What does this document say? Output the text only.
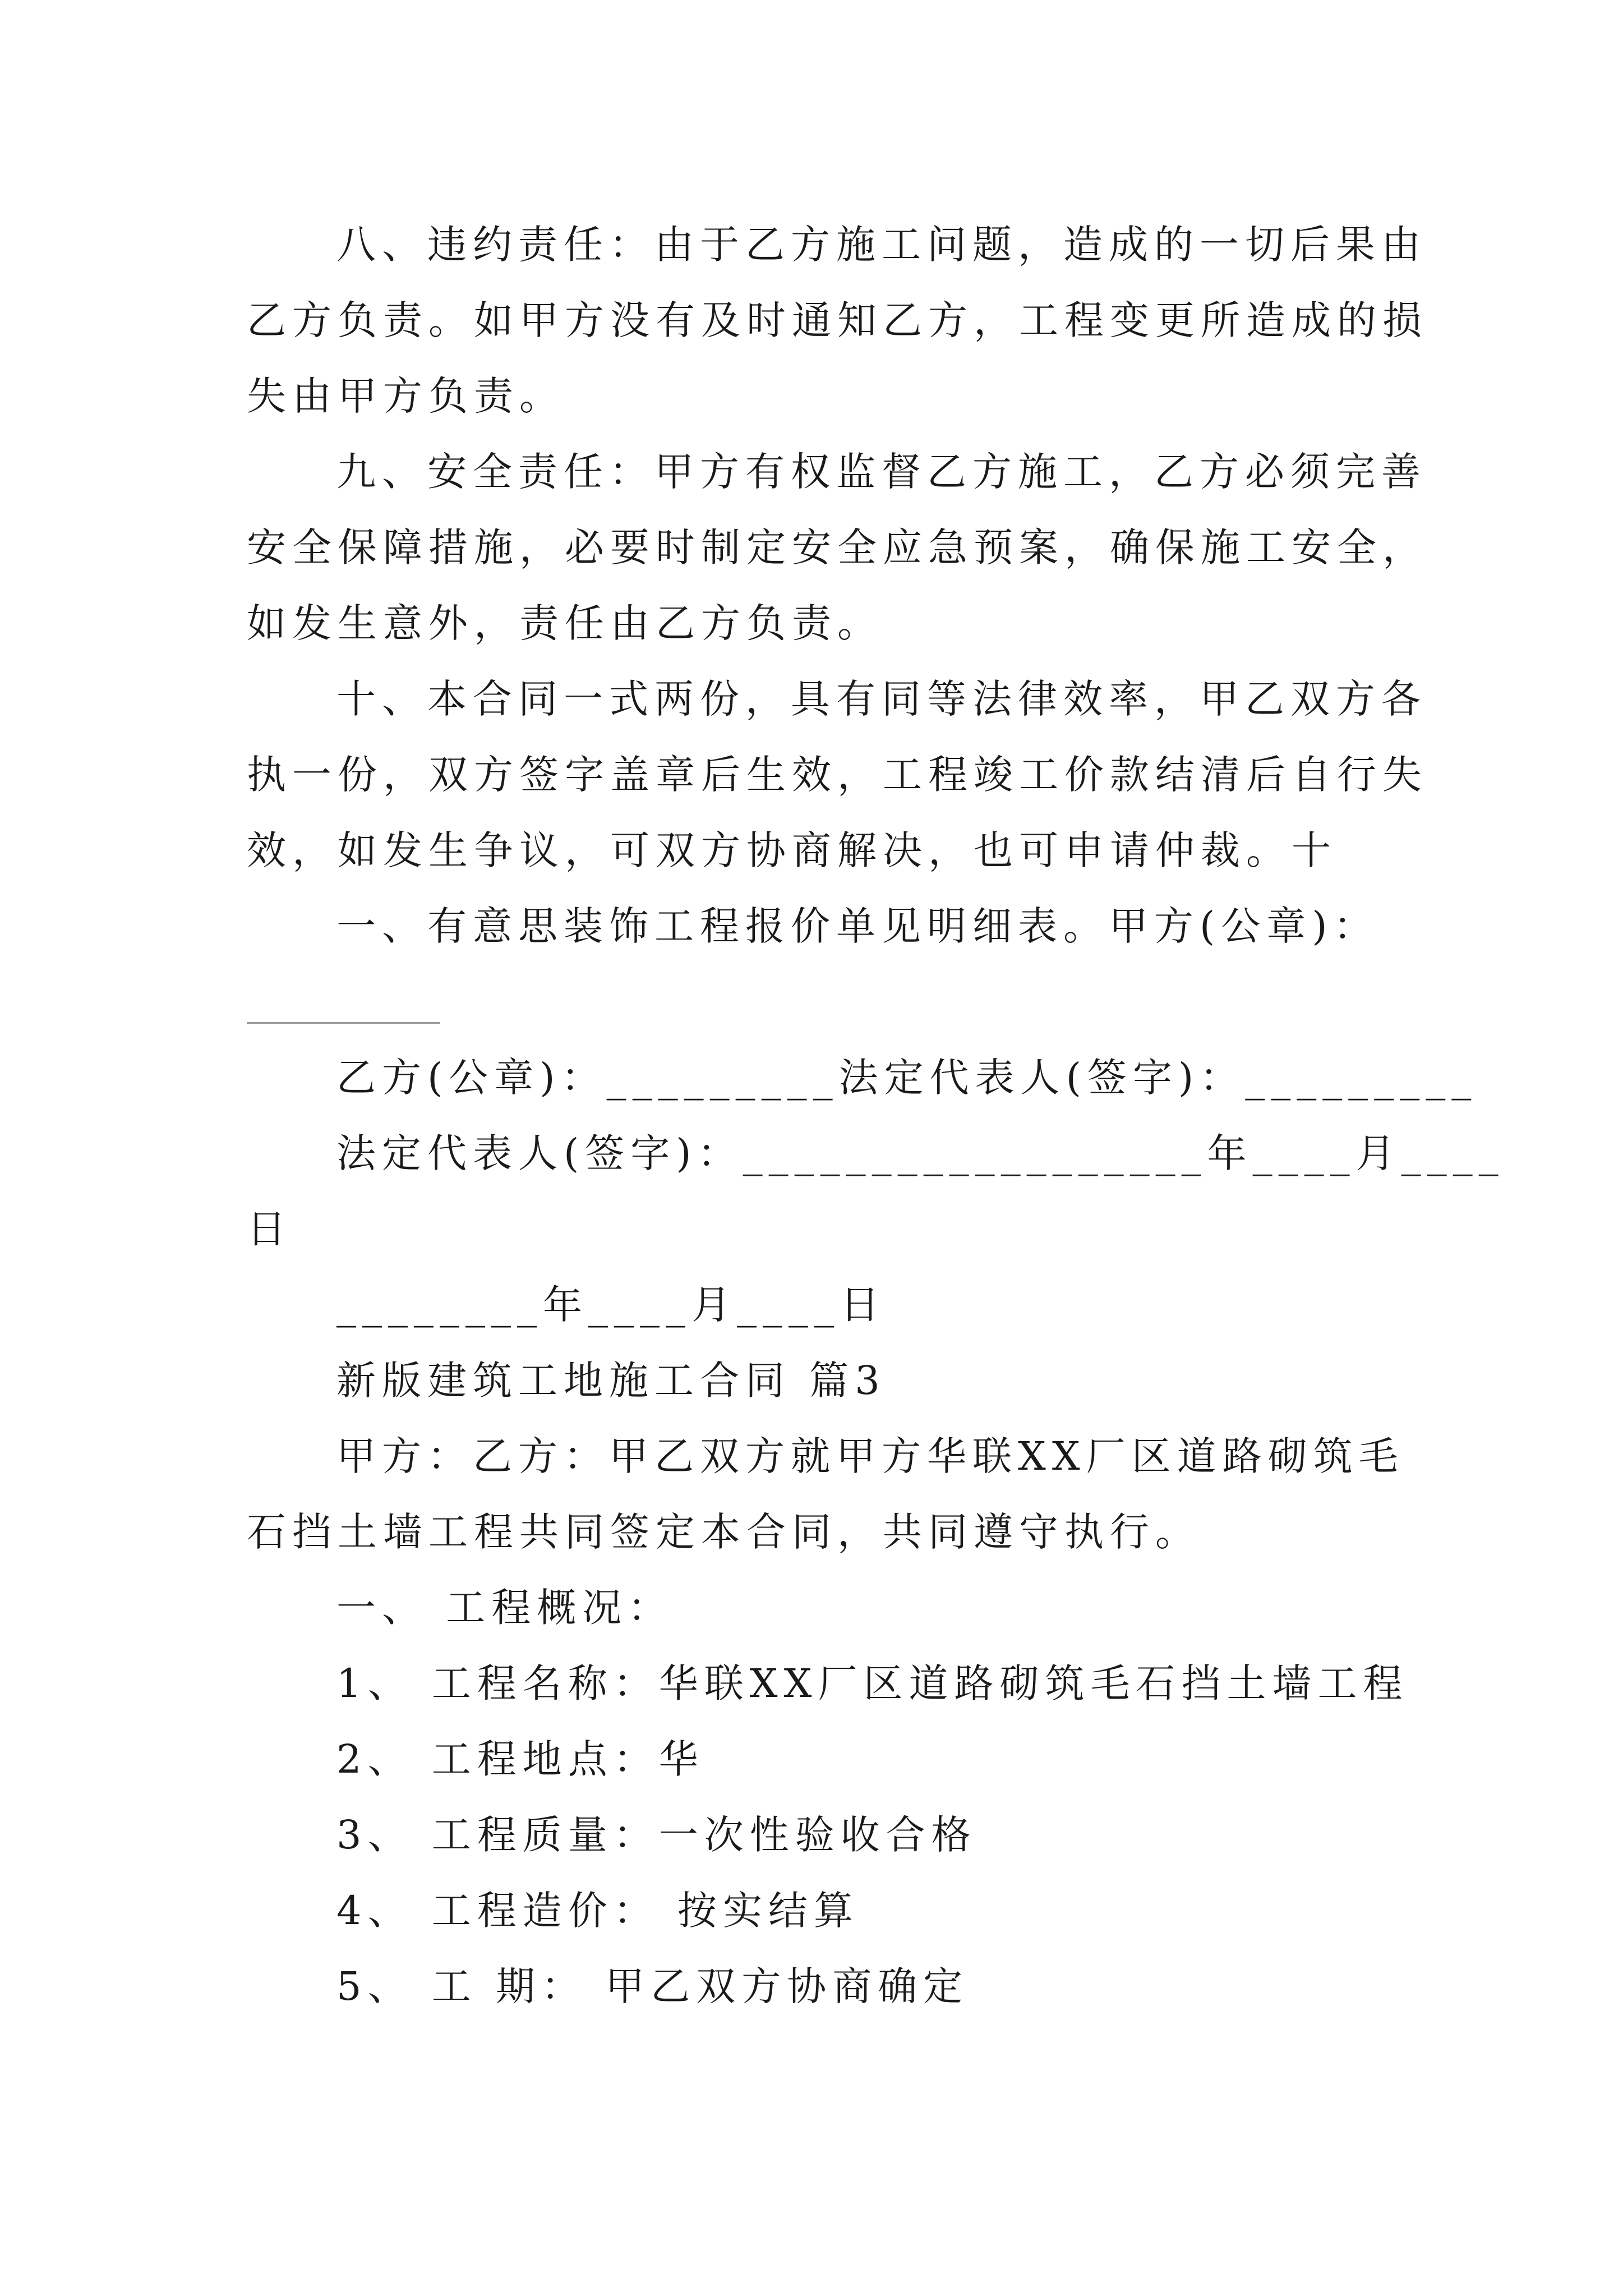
八、违约责任：由于乙方施工问题，造成的一切后果由
乙方负责。如甲方没有及时通知乙方，工程变更所造成的损
失由甲方负责。
九、安全责任：甲方有权监督乙方施工，乙方必须完善
安全保障措施，必要时制定安全应急预案，确保施工安全，
如发生意外，责任由乙方负责。
十、本合同一式两份，具有同等法律效率，甲乙双方各
执一份，双方签字盖章后生效，工程竣工价款结清后自行失
效，如发生争议，可双方协商解决，也可申请仲裁。十
一、有意思装饰工程报价单见明细表。甲方(公章)：
乙方(公章)：_________法定代表人(签字)：_________
法定代表人(签字)：__________________年____月____
日
________年____月____日
新版建筑工地施工合同 篇3
甲方：乙方：甲乙双方就甲方华联XX厂区道路砌筑毛
石挡土墙工程共同签定本合同，共同遵守执行。
一、 工程概况：
1、 工程名称：华联XX厂区道路砌筑毛石挡土墙工程
2、 工程地点：华
3、 工程质量：一次性验收合格
4、 工程造价： 按实结算
5、 工 期： 甲乙双方协商确定
